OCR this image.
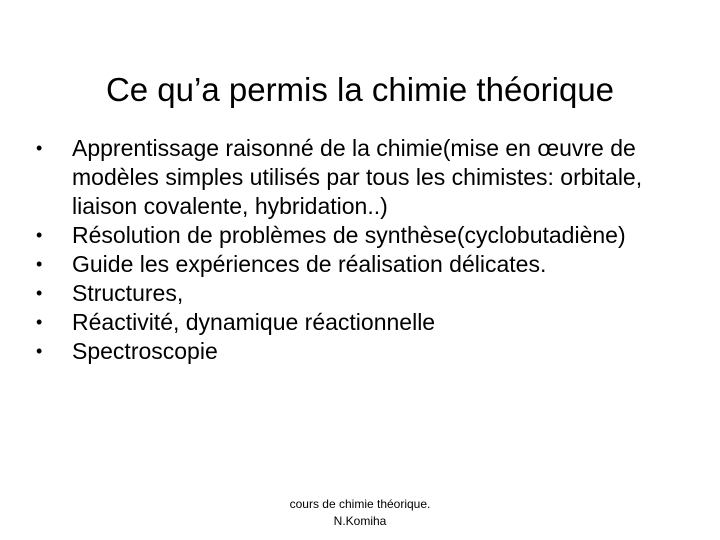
Ce qu’a permis la chimie théorique
•	Apprentissage raisonné de la chimie(mise en œuvre de modèles simples utilisés par tous les chimistes: orbitale, liaison covalente, hybridation..)
•	Résolution de problèmes de synthèse(cyclobutadiène)
•	Guide les expériences de réalisation délicates.
•	Structures,
•	Réactivité, dynamique réactionnelle
•	Spectroscopie
cours de chimie théorique.
N.Komiha
